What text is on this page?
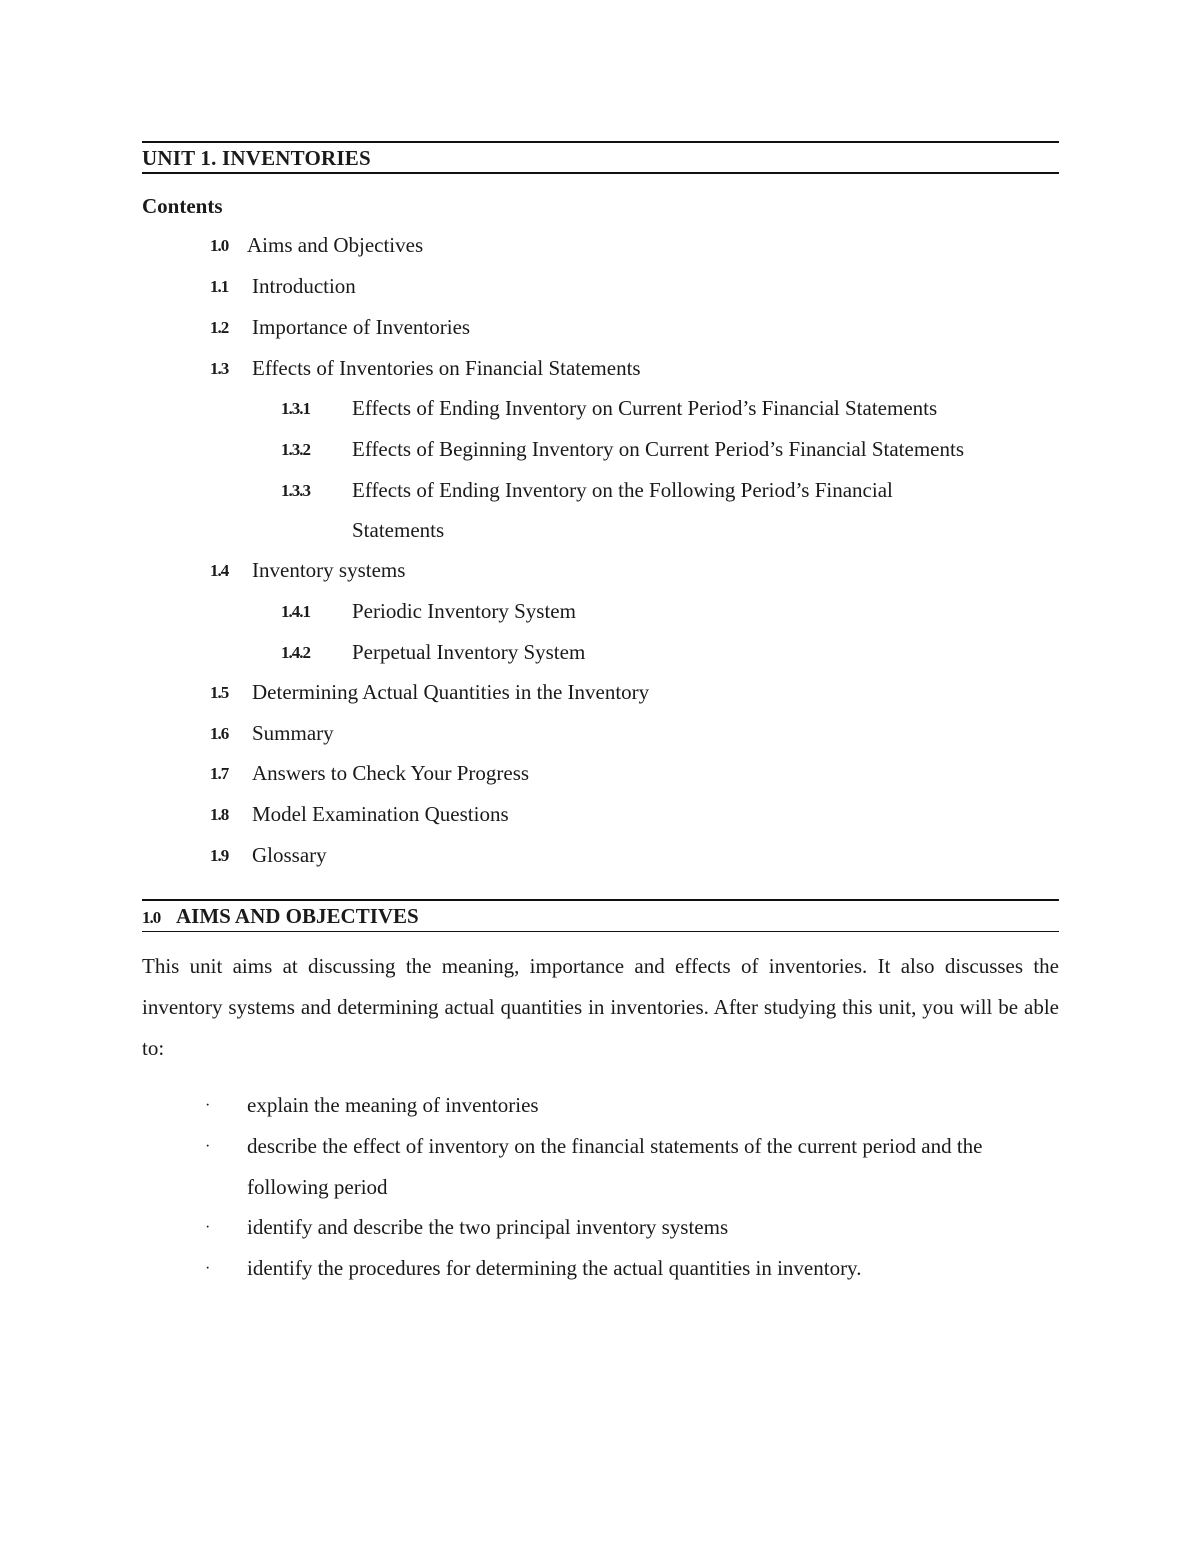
UNIT 1. INVENTORIES
Contents
1.0 Aims and Objectives
1.1 Introduction
1.2 Importance of Inventories
1.3 Effects of Inventories on Financial Statements
1.3.1 Effects of Ending Inventory on Current Period’s Financial Statements
1.3.2 Effects of Beginning Inventory on Current Period’s Financial Statements
1.3.3 Effects of Ending Inventory on the Following Period’s Financial
Statements
1.4 Inventory systems
1.4.1 Periodic Inventory System
1.4.2 Perpetual Inventory System
1.5 Determining Actual Quantities in the Inventory
1.6 Summary
1.7 Answers to Check Your Progress
1.8 Model Examination Questions
1.9 Glossary
1.0 AIMS AND OBJECTIVES
This unit aims at discussing the meaning, importance and effects of inventories. It also discusses the inventory systems and determining actual quantities in inventories. After studying this unit, you will be able to:
·	explain the meaning of inventories
·	describe the effect of inventory on the financial statements of the current period and the following period
·	identify and describe the two principal inventory systems
·	identify the procedures for determining the actual quantities in inventory.
